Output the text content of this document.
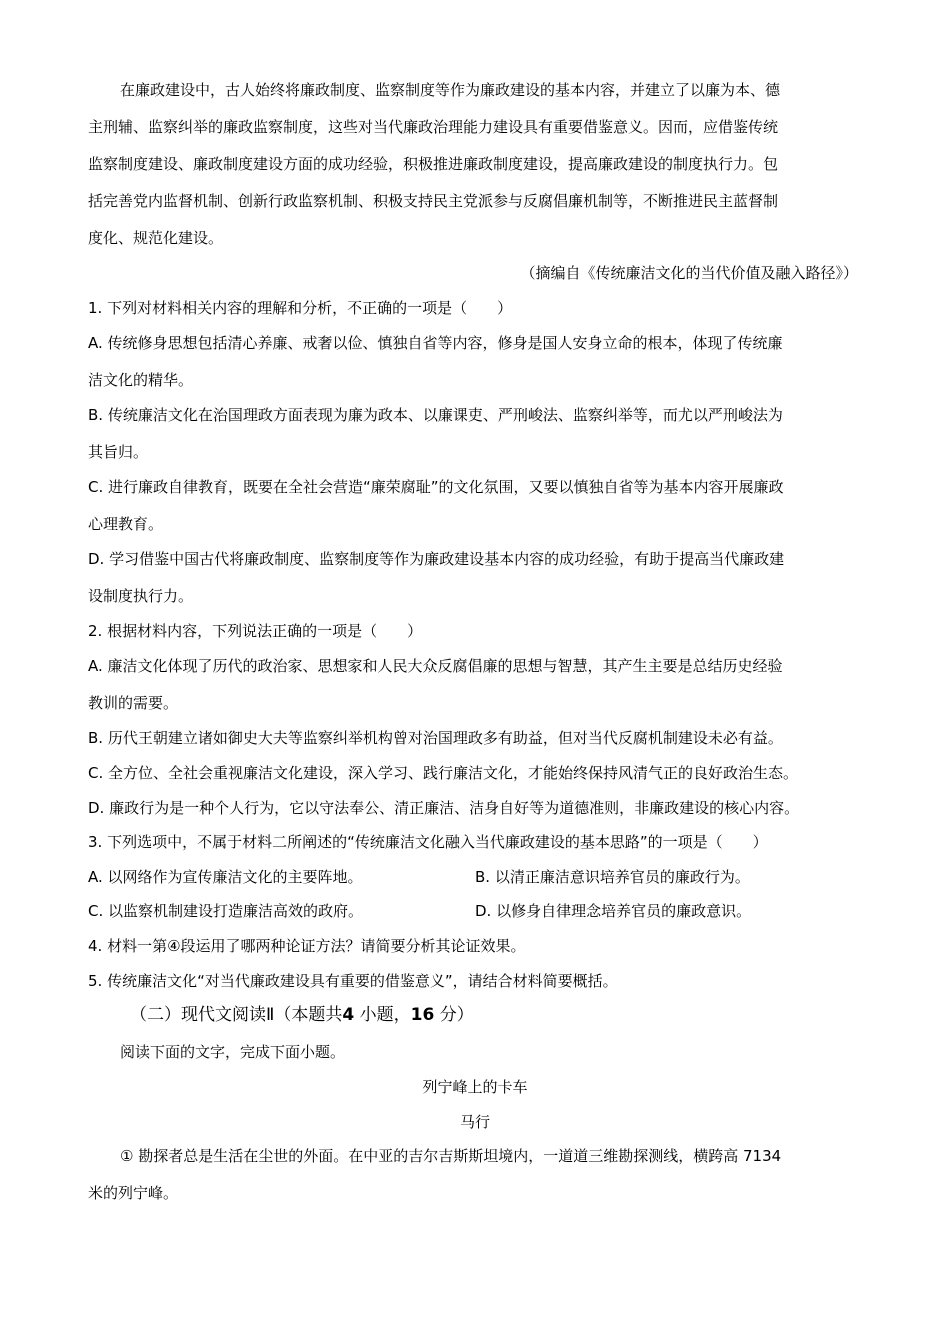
在廉政建设中，古人始终将廉政制度、监察制度等作为廉政建设的基本内容，并建立了以廉为本、德
主刑辅、监察纠举的廉政监察制度，这些对当代廉政治理能力建设具有重要借鉴意义。因而，应借鉴传统
监察制度建设、廉政制度建设方面的成功经验，积极推进廉政制度建设，提高廉政建设的制度执行力。包
括完善党内监督机制、创新行政监察机制、积极支持民主党派参与反腐倡廉机制等，不断推进民主蓝督制
度化、规范化建设。
（摘编自《传统廉洁文化的当代价值及融入路径》）
1. 下列对材料相关内容的理解和分析，不正确的一项是（　　）
A. 传统修身思想包括清心养廉、戒奢以俭、慎独自省等内容，修身是国人安身立命的根本，体现了传统廉
洁文化的精华。
B. 传统廉洁文化在治国理政方面表现为廉为政本、以廉课吏、严刑峻法、监察纠举等，而尤以严刑峻法为
其旨归。
C. 进行廉政自律教育，既要在全社会营造“廉荣腐耻”的文化氛围，又要以慎独自省等为基本内容开展廉政
心理教育。
D. 学习借鉴中国古代将廉政制度、监察制度等作为廉政建设基本内容的成功经验，有助于提高当代廉政建
设制度执行力。
2. 根据材料内容，下列说法正确的一项是（　　）
A. 廉洁文化体现了历代的政治家、思想家和人民大众反腐倡廉的思想与智慧，其产生主要是总结历史经验
教训的需要。
B. 历代王朝建立诸如御史大夫等监察纠举机构曾对治国理政多有助益，但对当代反腐机制建设未必有益。
C. 全方位、全社会重视廉洁文化建设，深入学习、践行廉洁文化，才能始终保持风清气正的良好政治生态。
D. 廉政行为是一种个人行为，它以守法奉公、清正廉洁、洁身自好等为道德准则，非廉政建设的核心内容。
3. 下列选项中，不属于材料二所阐述的“传统廉洁文化融入当代廉政建设的基本思路”的一项是（　　）
A. 以网络作为宣传廉洁文化的主要阵地。	B. 以清正廉洁意识培养官员的廉政行为。
C. 以监察机制建设打造廉洁高效的政府。	D. 以修身自律理念培养官员的廉政意识。
4. 材料一第④段运用了哪两种论证方法？请简要分析其论证效果。
5. 传统廉洁文化“对当代廉政建设具有重要的借鉴意义”，请结合材料简要概括。
（二）现代文阅读Ⅱ（本题共4 小题，16 分）
阅读下面的文字，完成下面小题。
列宁峰上的卡车
马行
① 勘探者总是生活在尘世的外面。在中亚的吉尔吉斯斯坦境内，一道道三维勘探测线，横跨高 7134
米的列宁峰。
